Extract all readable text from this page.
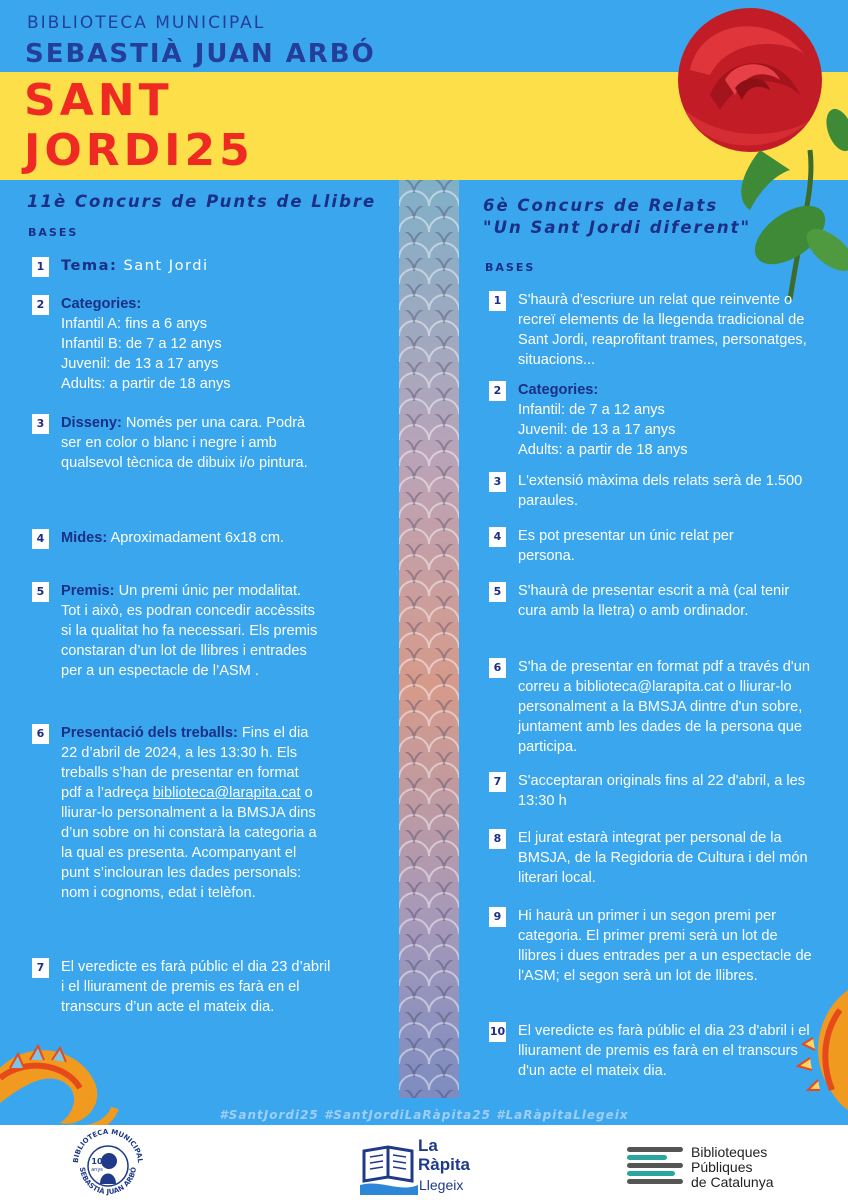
BIBLIOTECA MUNICIPAL
SEBASTIÀ JUAN ARBÓ
SANT
JORDI25
11è Concurs de Punts de Llibre
BASES
1	Tema: Sant Jordi
2	Categories:
Infantil A: fins a 6 anys
Infantil B: de 7 a 12 anys
Juvenil: de 13 a 17 anys
Adults: a partir de 18 anys
3	Disseny: Només per una cara. Podrà ser en color o blanc i negre i amb qualsevol tècnica de dibuix i/o pintura.
4	Mides: Aproximadament 6x18 cm.
5	Premis: Un premi únic per modalitat. Tot i això, es podran concedir accèssits si la qualitat ho fa necessari. Els premis constaran d’un lot de llibres i entrades per a un espectacle de l’ASM .
6	Presentació dels treballs: Fins el dia 22 d’abril de 2024, a les 13:30 h. Els treballs s’han de presentar en format pdf a l’adreça biblioteca@larapita.cat o lliurar-lo personalment a la BMSJA dins d’un sobre on hi constarà la categoria a la qual es presenta. Acompanyant el punt s’inclouran les dades personals: nom i cognoms, edat i telèfon.
7	El veredicte es farà públic el dia 23 d’abril i el lliurament de premis es farà en el transcurs d’un acte el mateix dia.
6è Concurs de Relats
"Un Sant Jordi diferent"
BASES
1	S'haurà d'escriure un relat que reinvente o recreï elements de la llegenda tradicional de Sant Jordi, reaprofitant trames, personatges, situacions...
2	Categories:
Infantil: de 7 a 12 anys
Juvenil: de 13 a 17 anys
Adults: a partir de 18 anys
3	L'extensió màxima dels relats serà de 1.500 paraules.
4	Es pot presentar un únic relat per persona.
5	S'haurà de presentar escrit a mà (cal tenir cura amb la lletra) o amb ordinador.
6	S'ha de presentar en format pdf a través d'un correu a biblioteca@larapita.cat o lliurar-lo personalment a la BMSJA dintre d'un sobre, juntament amb les dades de la persona que participa.
7	S'acceptaran originals fins al 22 d'abril, a les 13:30 h
8	El jurat estarà integrat per personal de la BMSJA, de la Regidoria de Cultura i del món literari local.
9	Hi haurà un primer i un segon premi per categoria. El primer premi serà un lot de llibres i dues entrades per a un espectacle de l'ASM; el segon serà un lot de llibres.
10 El veredicte es farà públic el dia 23 d'abril i el lliurament de premis es farà en el transcurs d'un acte el mateix dia.
#SantJordi25 #SantJordiLaRàpita25 #LaRàpitaLlegeix
BIBLIOTECA MUNICIPAL
SEBASTIÀ JUAN ARBÓ
10
anys
La
Ràpita
Llegeix
Biblioteques
Públiques
de Catalunya
